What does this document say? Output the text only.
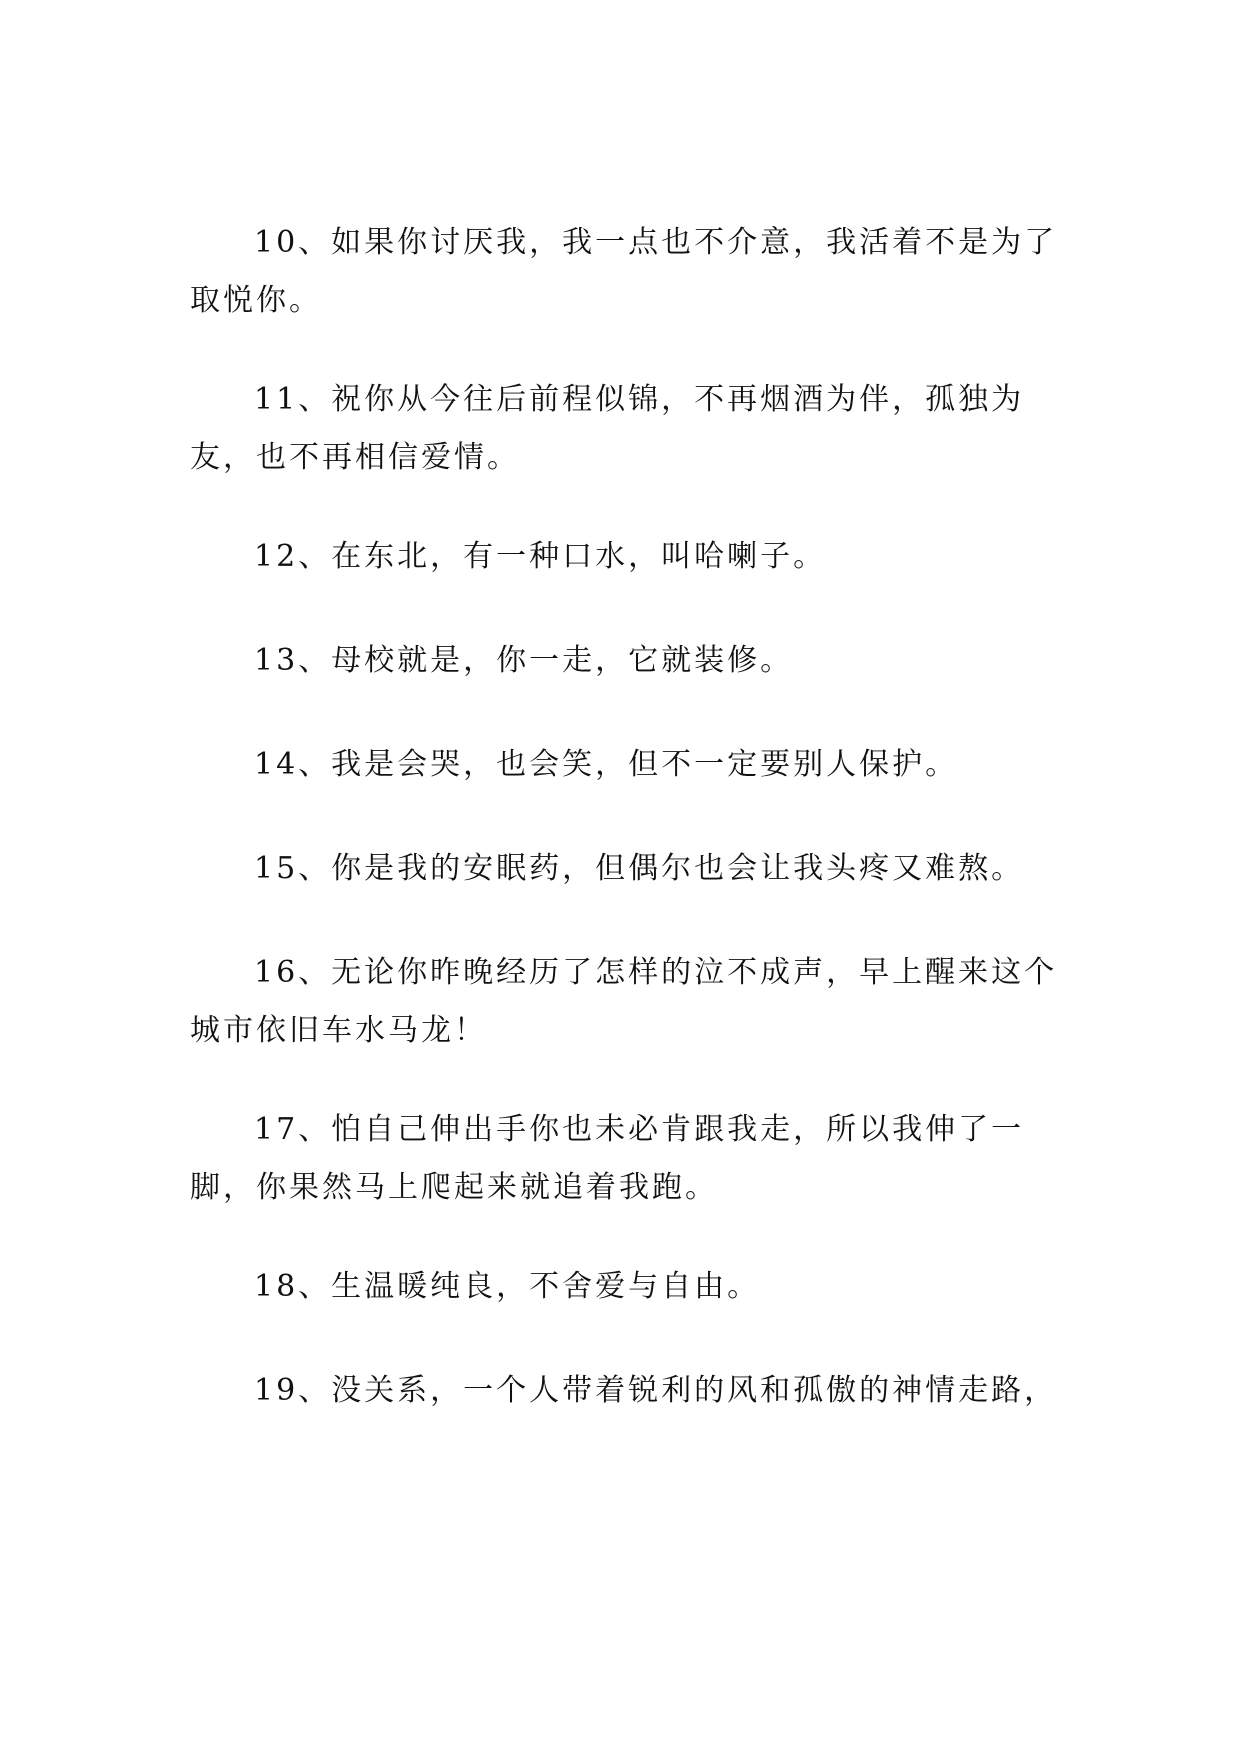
10、如果你讨厌我，我一点也不介意，我活着不是为了取悦你。

11、祝你从今往后前程似锦，不再烟酒为伴，孤独为友，也不再相信爱情。

12、在东北，有一种口水，叫哈喇子。

13、母校就是，你一走，它就装修。

14、我是会哭，也会笑，但不一定要别人保护。

15、你是我的安眠药，但偶尔也会让我头疼又难熬。

16、无论你昨晚经历了怎样的泣不成声，早上醒来这个城市依旧车水马龙！

17、怕自己伸出手你也未必肯跟我走，所以我伸了一脚，你果然马上爬起来就追着我跑。

18、生温暖纯良，不舍爱与自由。

19、没关系，一个人带着锐利的风和孤傲的神情走路，
